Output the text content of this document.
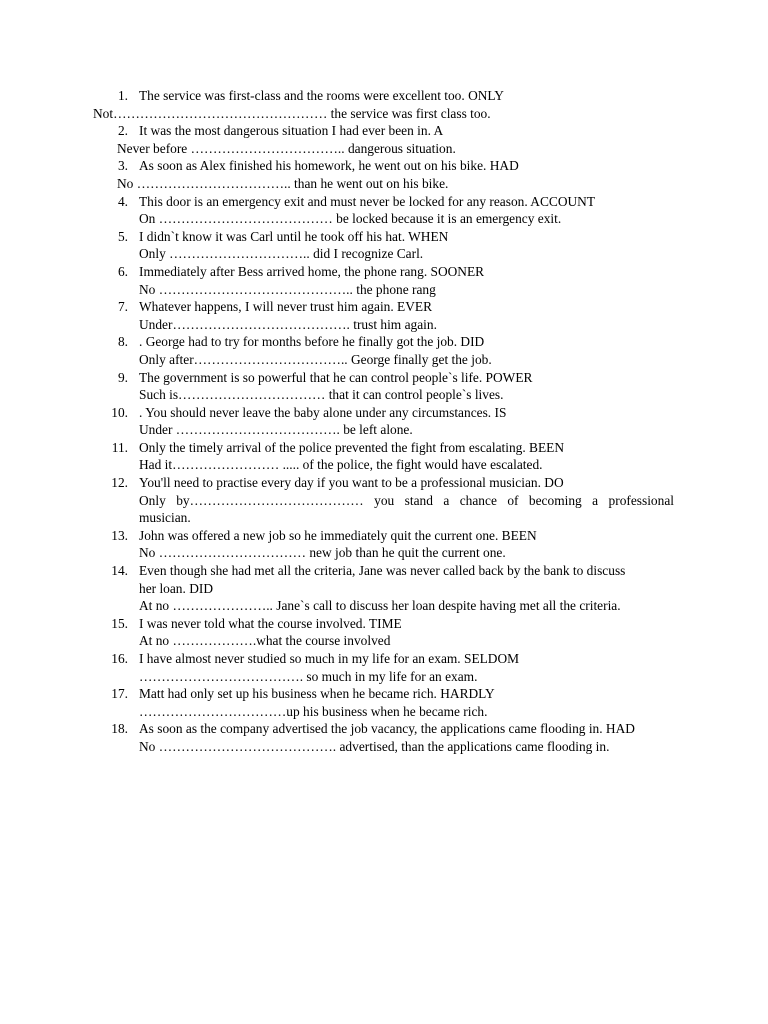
1. The service was first-class and the rooms were excellent too. ONLY
Not………………………………………… the service was first class too.
2. It was the most dangerous situation I had ever been in. A
Never before …………………………….. dangerous situation.
3. As soon as Alex finished his homework, he went out on his bike. HAD
No …………………………….. than he went out on his bike.
4. This door is an emergency exit and must never be locked for any reason. ACCOUNT
On ………………………………… be locked because it is an emergency exit.
5. I didn`t know it was Carl until he took off his hat. WHEN
Only ………………………….. did I recognize Carl.
6. Immediately after Bess arrived home, the phone rang. SOONER
No …………………………………….. the phone rang
7. Whatever happens, I will never trust him again. EVER
Under…………………………………. trust him again.
8. . George had to try for months before he finally got the job. DID
Only after…………………………….. George finally get the job.
9. The government is so powerful that he can control people`s life. POWER
Such is…………………………… that it can control people`s lives.
10. . You should never leave the baby alone under any circumstances. IS
Under ………………………………. be left alone.
11. Only the timely arrival of the police prevented the fight from escalating. BEEN
Had it…………………… ..... of the police, the fight would have escalated.
12. You'll need to practise every day if you want to be a professional musician. DO
Only by………………………………… you stand a chance of becoming a professional
musician.
13. John was offered a new job so he immediately quit the current one. BEEN
No …………………………… new job than he quit the current one.
14. Even though she had met all the criteria, Jane was never called back by the bank to discuss
her loan. DID
At no ………………….. Jane`s call to discuss her loan despite having met all the criteria.
15. I was never told what the course involved. TIME
At no ……………….what the course involved
16. I have almost never studied so much in my life for an exam. SELDOM
………………………………. so much in my life for an exam.
17. Matt had only set up his business when he became rich. HARDLY
……………………………up his business when he became rich.
18. As soon as the company advertised the job vacancy, the applications came flooding in. HAD
No …………………………………. advertised, than the applications came flooding in.
